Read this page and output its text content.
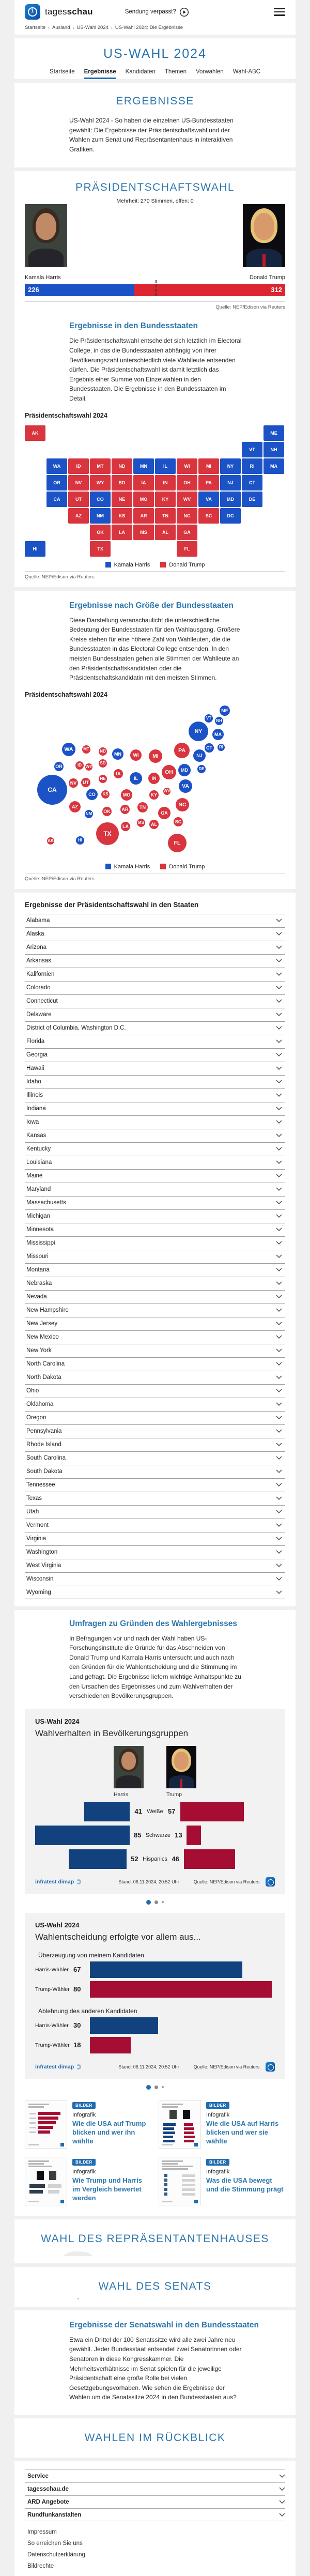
1	tagesschau	Sendung verpasst?
Startseite › Ausland › US-Wahl 2024 › US-Wahl 2024: Die Ergebnisse
US-WAHL 2024
Startseite Ergebnisse Kandidaten Themen Vorwahlen Wahl-ABC
ERGEBNISSE

US-Wahl 2024 - So haben die einzelnen US-Bundesstaaten gewählt: Die Ergebnisse der Präsidentschaftswahl und der Wahlen zum Senat und Repräsentantenhaus in interaktiven Grafiken.

PRÄSIDENTSCHAFTSWAHL
Mehrheit: 270 Stimmen, offen: 0
Kamala Harris	Donald Trump
226	312
Quelle: NEP/Edison via Reuters
Ergebnisse in den Bundesstaaten

Die Präsidentschaftswahl entscheidet sich letztlich im Electoral College, in das die Bundesstaaten abhängig von ihrer Bevölkerungszahl unterschiedlich viele Wahlleute entsenden dürfen. Die Präsidentschaftswahl ist damit letztlich das Ergebnis einer Summe von Einzelwahlen in den Bundesstaaten. Die Ergebnisse in den Bundesstaaten im Detail.

Präsidentschaftswahl 2024
AK	ME
VT	NH
WA	ID	MT	ND	MN	IL	WI	MI	NY	RI	MA
OR	NV	WY	SD	IA	IN	OH	PA	NJ	CT
CA	UT	CO	NE	MO	KY	WV	VA	MD	DE
AZ	NM	KS	AR	TN	NC	SC	DC
OK	LA	MS	AL	GA
HI	TX	FL
Kamala Harris	Donald Trump
Quelle: NEP/Edison via Reuters
Ergebnisse nach Größe der Bundesstaaten

Diese Darstellung veranschaulicht die unterschiedliche Bedeutung der Bundesstaaten für den Wahlausgang. Größere Kreise stehen für eine höhere Zahl von Wahlleuten, die die Bundesstaaten in das Electoral College entsenden. In den meisten Bundesstaaten gehen alle Stimmen der Wahlleute an den Präsidentschaftskandidaten oder die Präsidentschaftskandidatin mit den meisten Stimmen.

Präsidentschaftswahl 2024
ME
VT
NH
NY	MA
CT	RI
PA
NJ
WA	MT	ND	MN	WI	MI
OR	ID WY
SD
IA	OH	MD	DE
NE	IL	IN
NV	UT
CA
CO	KS	MO	KY
WV
VA
NC
TN
AZ
OK AR
SC
NM	GA
MS	AL
LA
TX
FL
AK	HI
Kamala Harris	Donald Trump
Quelle: NEP/Edison via Reuters
Ergebnisse der Präsidentschaftswahl in den Staaten
Alabama
Alaska
Arizona
Arkansas
Kalifornien
Colorado
Connecticut
Delaware
District of Columbia, Washington D.C.
Florida
Georgia
Hawaii
Idaho
Illinois
Indiana
Iowa
Kansas
Kentucky
Louisiana
Maine
Maryland
Massachusetts
Michigan
Minnesota
Mississippi
Missouri
Montana
Nebraska
Nevada
New Hampshire
New Jersey
New Mexico
New York
North Carolina
North Dakota
Ohio
Oklahoma
Oregon
Pennsylvania
Rhode Island
South Carolina
South Dakota
Tennessee
Texas
Utah
Vermont
Virginia
Washington
West Virginia
Wisconsin
Wyoming
Umfragen zu Gründen des Wahlergebnisses

In Befragungen vor und nach der Wahl haben US-Forschungsinstitute die Gründe für das Abschneiden von Donald Trump und Kamala Harris untersucht und auch nach den Gründen für die Wahlentscheidung und die Stimmung im Land gefragt. Die Ergebnisse liefern wichtige Anhaltspunkte zu den Ursachen des Ergebnisses und zum Wahlverhalten der verschiedenen Bevölkerungsgruppen.

US-Wahl 2024
Wahlverhalten in Bevölkerungsgruppen
Harris	Trump
41 Weiße 57
85 Schwarze 13
52 Hispanics 46
infratest dimap	Stand: 06.11.2024, 20:52 Uhr	Quelle: NEP/Edison via Reuters
US-Wahl 2024
Wahlentscheidung erfolgte vor allem aus...
Überzeugung von meinem Kandidaten
Harris-Wähler 67
Trump-Wähler 80
Ablehnung des anderen Kandidaten
Harris-Wähler 30
Trump-Wähler 18
infratest dimap	Stand: 06.11.2024, 20:52 Uhr	Quelle: NEP/Edison via Reuters
BILDER
Infografik
Wie die USA auf Trump blicken und wer ihn wählte
BILDER
Infografik
Wie die USA auf Harris blicken und wer sie wählte
BILDER
Infografik
Wie Trump und Harris im Vergleich bewertet werden
BILDER
Infografik
Was die USA bewegt und die Stimmung prägt
WAHL DES REPRÄSENTANTENHAUSES
WAHL DES SENATS
Ergebnisse der Senatswahl in den Bundesstaaten

Etwa ein Drittel der 100 Senatssitze wird alle zwei Jahre neu gewählt. Jeder Bundesstaat entsendet zwei Senatorinnen oder Senatoren in diese Kongresskammer. Die Mehrheitsverhältnisse im Senat spielen für die jeweilige Präsidentschaft eine große Rolle bei vielen Gesetzgebungsvorhaben. Wie sehen die Ergebnisse der Wahlen um die Senatssitze 2024 in den Bundesstaaten aus?

WAHLEN IM RÜCKBLICK
Service
tagesschau.de
ARD Angebote
Rundfunkanstalten
Impressum
So erreichen Sie uns
Datenschutzerklärung
Bildrechte
